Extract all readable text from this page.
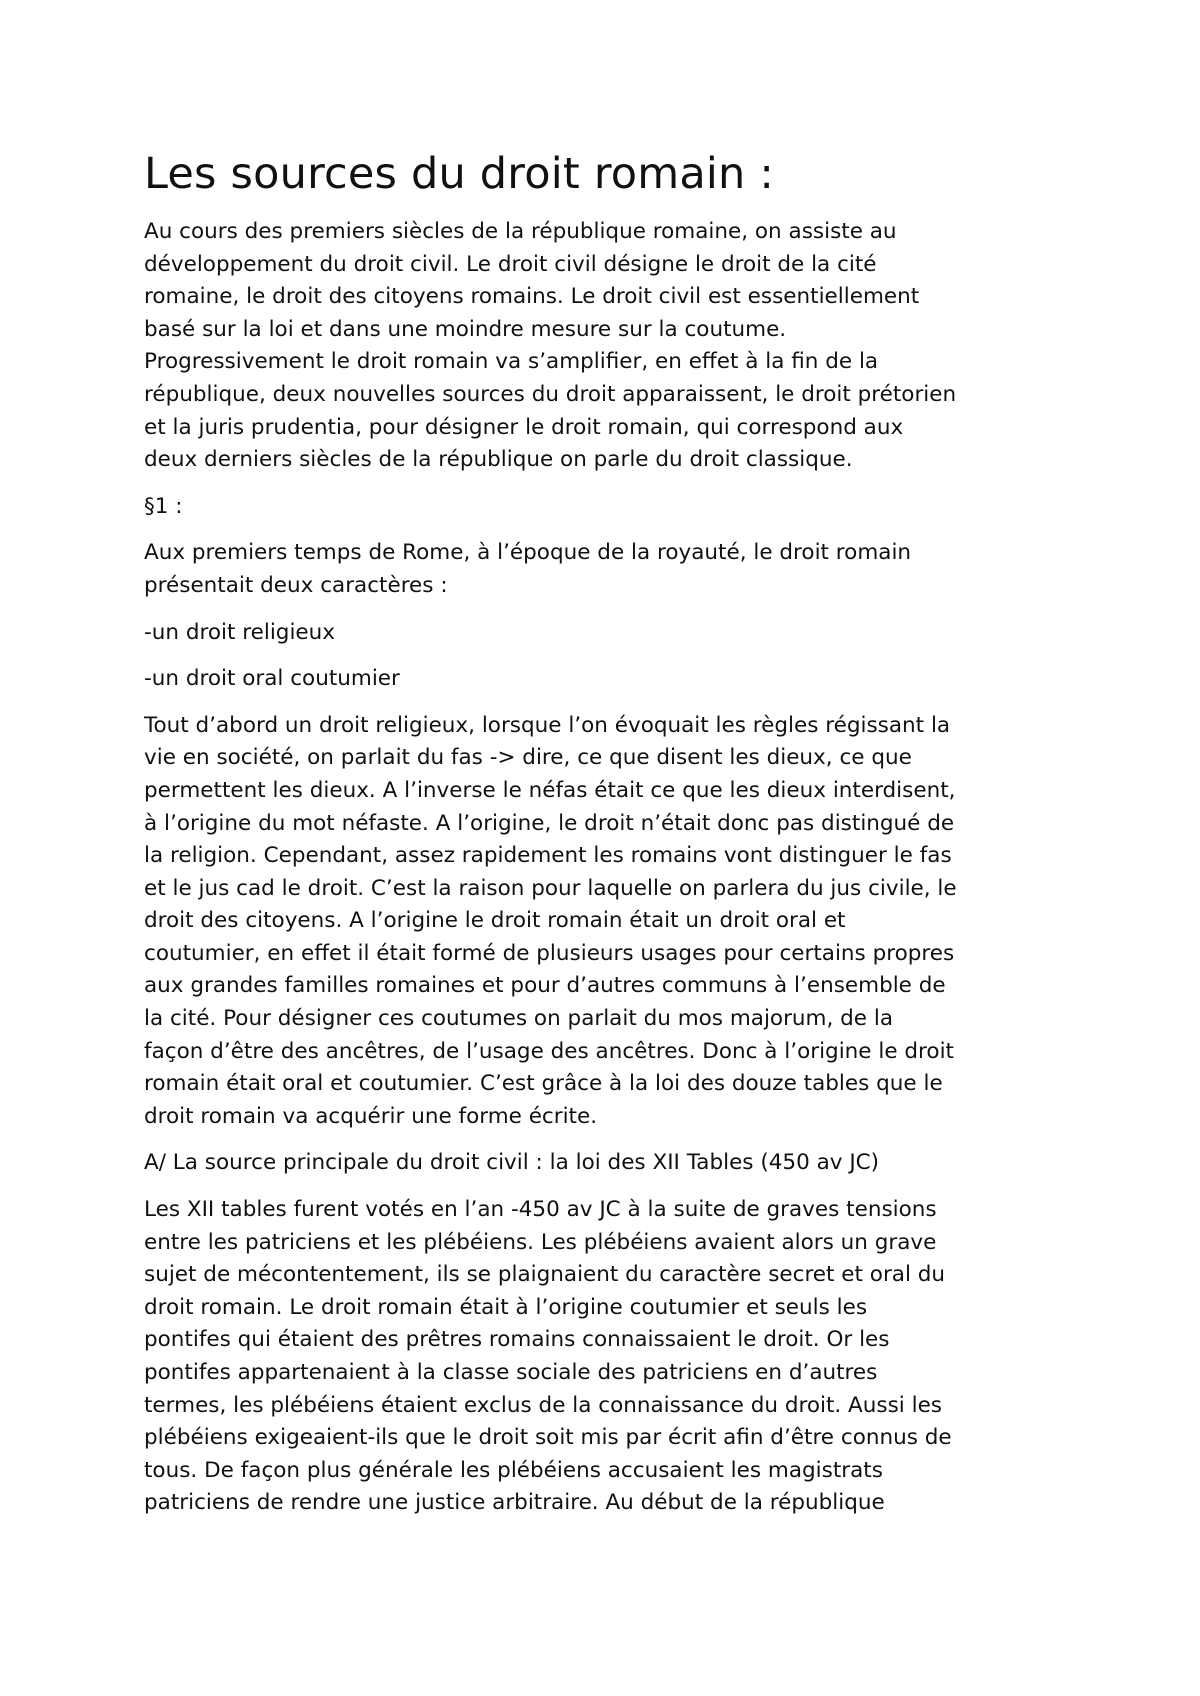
Les sources du droit romain :

Au cours des premiers siècles de la république romaine, on assiste au
développement du droit civil. Le droit civil désigne le droit de la cité
romaine, le droit des citoyens romains. Le droit civil est essentiellement
basé sur la loi et dans une moindre mesure sur la coutume.
Progressivement le droit romain va s’amplifier, en effet à la fin de la
république, deux nouvelles sources du droit apparaissent, le droit prétorien
et la juris prudentia, pour désigner le droit romain, qui correspond aux
deux derniers siècles de la république on parle du droit classique.

§1 :

Aux premiers temps de Rome, à l’époque de la royauté, le droit romain
présentait deux caractères :

-un droit religieux

-un droit oral coutumier

Tout d’abord un droit religieux, lorsque l’on évoquait les règles régissant la
vie en société, on parlait du fas -> dire, ce que disent les dieux, ce que
permettent les dieux. A l’inverse le néfas était ce que les dieux interdisent,
à l’origine du mot néfaste. A l’origine, le droit n’était donc pas distingué de
la religion. Cependant, assez rapidement les romains vont distinguer le fas
et le jus cad le droit. C’est la raison pour laquelle on parlera du jus civile, le
droit des citoyens. A l’origine le droit romain était un droit oral et
coutumier, en effet il était formé de plusieurs usages pour certains propres
aux grandes familles romaines et pour d’autres communs à l’ensemble de
la cité. Pour désigner ces coutumes on parlait du mos majorum, de la
façon d’être des ancêtres, de l’usage des ancêtres. Donc à l’origine le droit
romain était oral et coutumier. C’est grâce à la loi des douze tables que le
droit romain va acquérir une forme écrite.

A/ La source principale du droit civil : la loi des XII Tables (450 av JC)

Les XII tables furent votés en l’an -450 av JC à la suite de graves tensions
entre les patriciens et les plébéiens. Les plébéiens avaient alors un grave
sujet de mécontentement, ils se plaignaient du caractère secret et oral du
droit romain. Le droit romain était à l’origine coutumier et seuls les
pontifes qui étaient des prêtres romains connaissaient le droit. Or les
pontifes appartenaient à la classe sociale des patriciens en d’autres
termes, les plébéiens étaient exclus de la connaissance du droit. Aussi les
plébéiens exigeaient-ils que le droit soit mis par écrit afin d’être connus de
tous. De façon plus générale les plébéiens accusaient les magistrats
patriciens de rendre une justice arbitraire. Au début de la république
